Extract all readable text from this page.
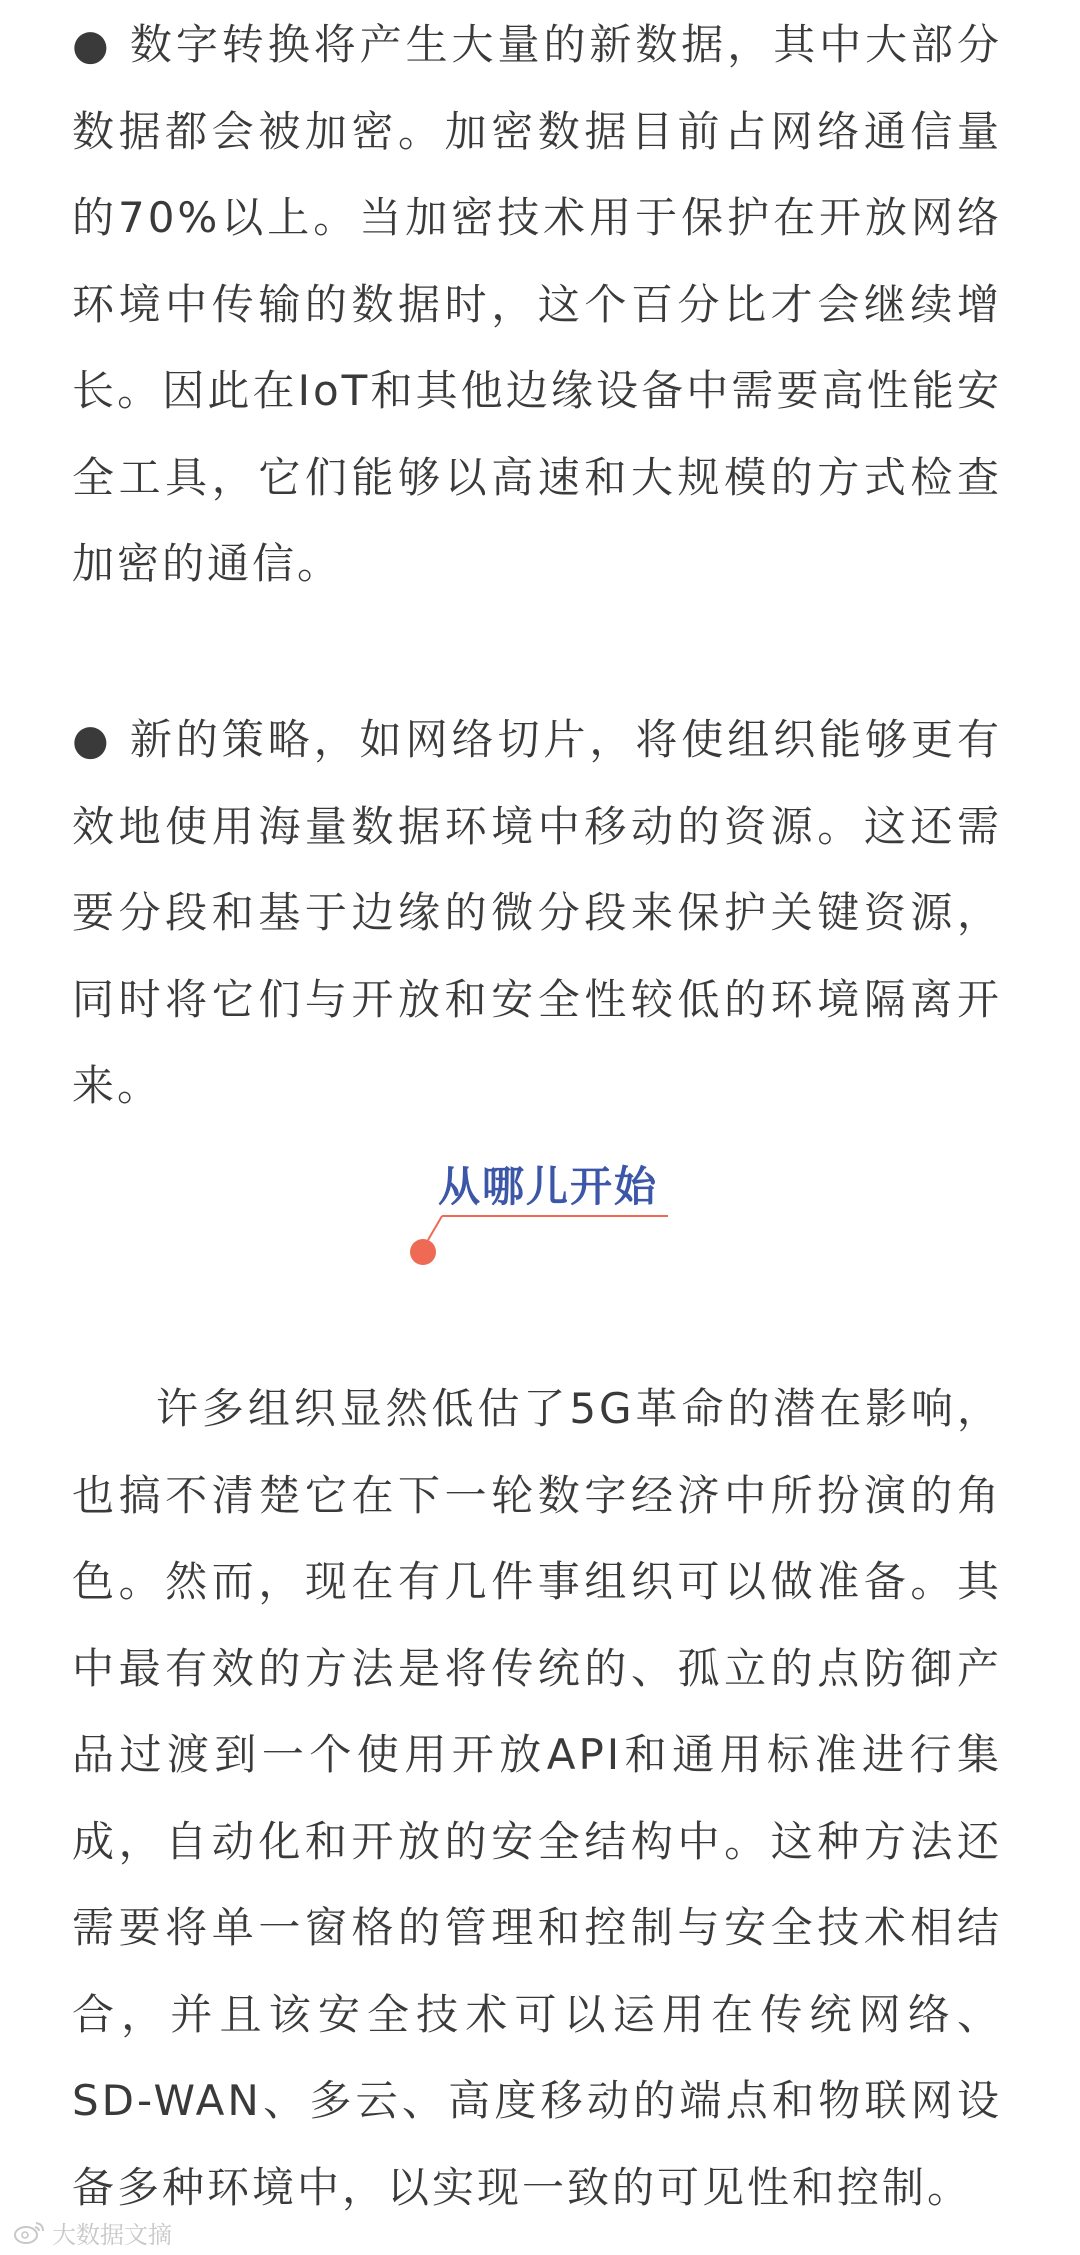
● 数字转换将产生大量的新数据，其中大部分数据都会被加密。加密数据目前占网络通信量的70%以上。当加密技术用于保护在开放网络环境中传输的数据时，这个百分比才会继续增长。因此在IoT和其他边缘设备中需要高性能安全工具，它们能够以高速和大规模的方式检查加密的通信。

● 新的策略，如网络切片，将使组织能够更有效地使用海量数据环境中移动的资源。这还需要分段和基于边缘的微分段来保护关键资源，同时将它们与开放和安全性较低的环境隔离开来。

许多组织显然低估了5G革命的潜在影响，也搞不清楚它在下一轮数字经济中所扮演的角色。然而，现在有几件事组织可以做准备。其中最有效的方法是将传统的、孤立的点防御产品过渡到一个使用开放API和通用标准进行集成，自动化和开放的安全结构中。这种方法还需要将单一窗格的管理和控制与安全技术相结合，并且该安全技术可以运用在传统网络、SD-WAN、多云、高度移动的端点和物联网设备多种环境中，以实现一致的可见性和控制。

从哪儿开始
大数据文摘
